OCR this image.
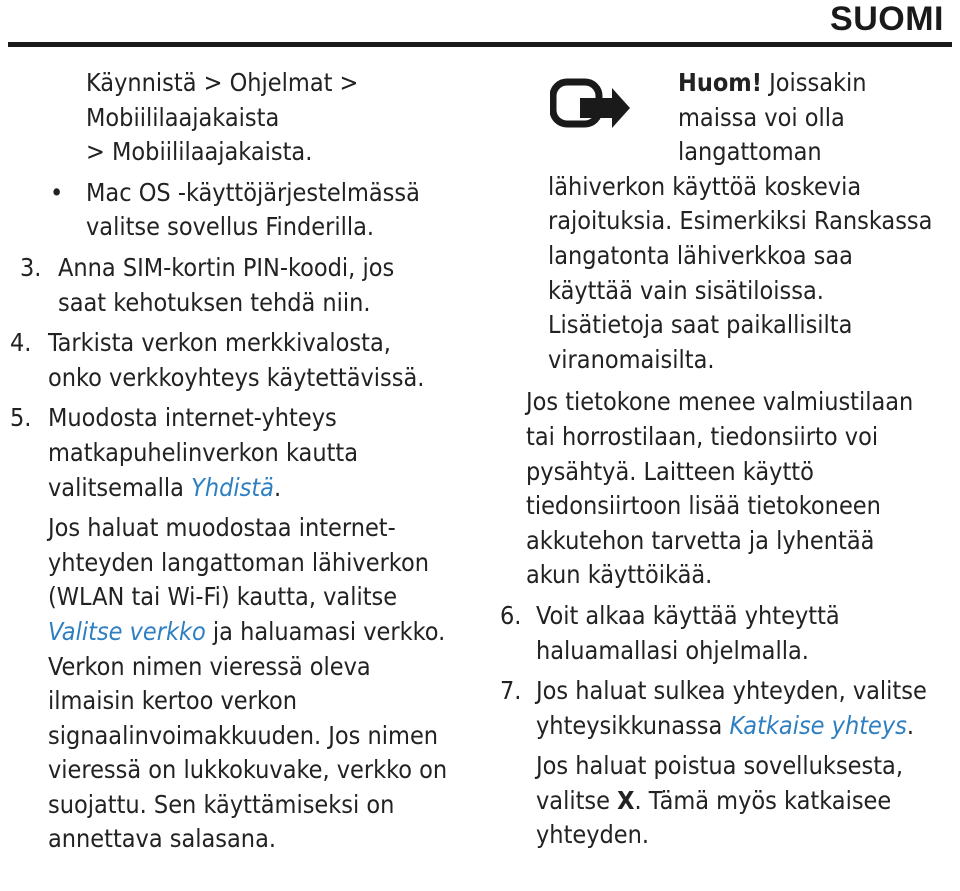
SUOMI

Käynnistä > Ohjelmat >

Mobiililaajakaista

> Mobiililaajakaista.

• Mac OS -käyttöjärjestelmässä

valitse sovellus Finderilla.

3. Anna SIM-kortin PIN-koodi, jos

saat kehotuksen tehdä niin.

4. Tarkista verkon merkkivalosta,

onko verkkoyhteys käytettävissä.

5. Muodosta internet-yhteys

matkapuhelinverkon kautta

valitsemalla Yhdistä.

Jos haluat muodostaa internet-

yhteyden langattoman lähiverkon

(WLAN tai Wi-Fi) kautta, valitse

Valitse verkko ja haluamasi verkko.

Verkon nimen vieressä oleva

ilmaisin kertoo verkon

signaalinvoimakkuuden. Jos nimen

vieressä on lukkokuvake, verkko on

suojattu. Sen käyttämiseksi on

annettava salasana.

Huom! Joissakin

maissa voi olla

langattoman

lähiverkon käyttöä koskevia

rajoituksia. Esimerkiksi Ranskassa

langatonta lähiverkkoa saa

käyttää vain sisätiloissa.

Lisätietoja saat paikallisilta

viranomaisilta.

Jos tietokone menee valmiustilaan

tai horrostilaan, tiedonsiirto voi

pysähtyä. Laitteen käyttö

tiedonsiirtoon lisää tietokoneen

akkutehon tarvetta ja lyhentää

akun käyttöikää.

6. Voit alkaa käyttää yhteyttä

haluamallasi ohjelmalla.

7. Jos haluat sulkea yhteyden, valitse

yhteysikkunassa Katkaise yhteys.

Jos haluat poistua sovelluksesta,

valitse X. Tämä myös katkaisee

yhteyden.
